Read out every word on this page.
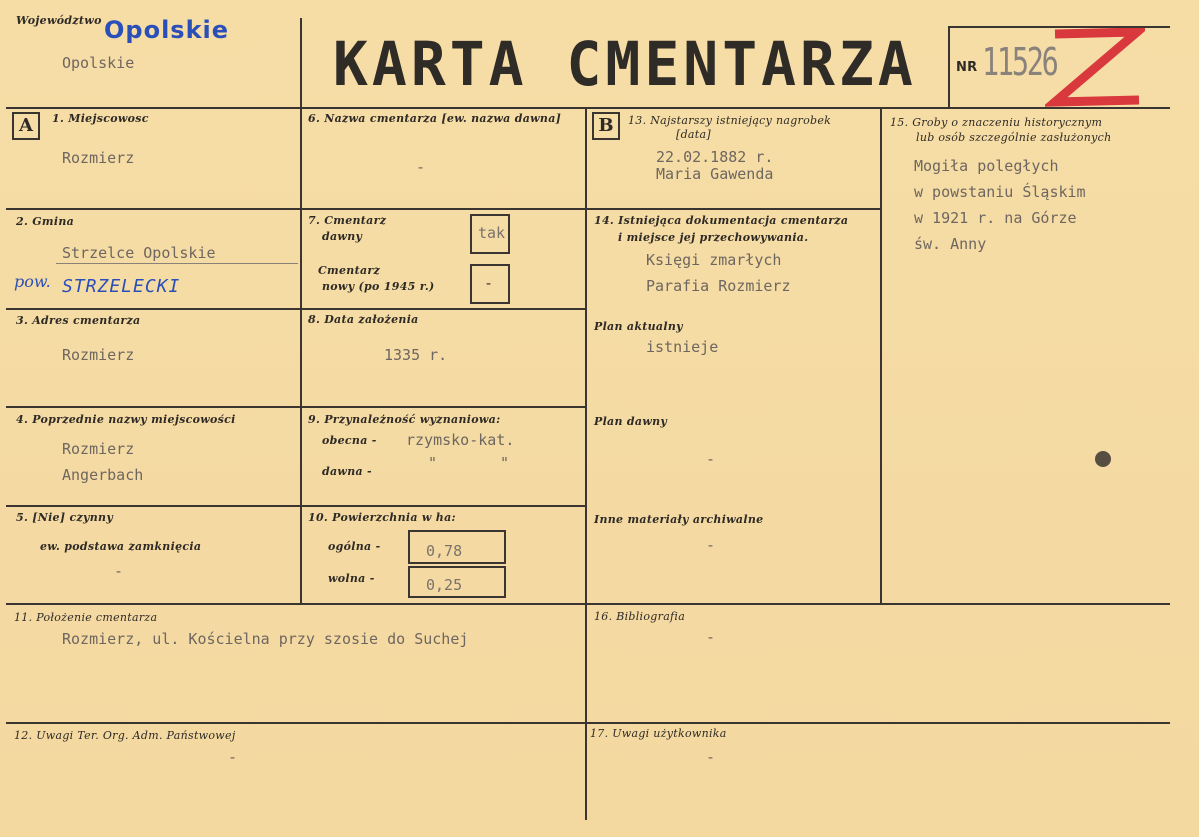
Województwo Opolskie
Opolskie	KARTA CMENTARZA	NR 11526
A	1. Miejscowosc
Rozmierz
2. Gmina
Strzelce Opolskie
pow. STRZELECKI
3. Adres cmentarza
Rozmierz
4. Poprzednie nazwy miejscowości
Rozmierz
Angerbach
5. [Nie] czynny
ew. podstawa zamknięcia
-
6. Nazwa cmentarza [ew. nazwa dawna]
-
7. Cmentarz
dawny	tak
Cmentarz
nowy (po 1945 r.)	-
8. Data założenia
1335 r.
9. Przynależność wyznaniowa:
obecna - rzymsko-kat.
dawna -	"	"
10. Powierzchnia w ha:
ogólna -	0,78
wolna -	0,25
B	13. Najstarszy istniejący nagrobek
[data]
22.02.1882 r.
Maria Gawenda
14. Istniejąca dokumentacja cmentarza
i miejsce jej przechowywania.
Księgi zmarłych
Parafia Rozmierz
Plan aktualny
istnieje
Plan dawny
-
Inne materiały archiwalne
-
15. Groby o znaczeniu historycznym
lub osób szczególnie zasłużonych
Mogiła poległych
w powstaniu Śląskim
w 1921 r. na Górze
św. Anny
11. Położenie cmentarza
Rozmierz, ul. Kościelna przy szosie do Suchej
16. Bibliografia
-
12. Uwagi Ter. Org. Adm. Państwowej
-
17. Uwagi użytkownika
-
